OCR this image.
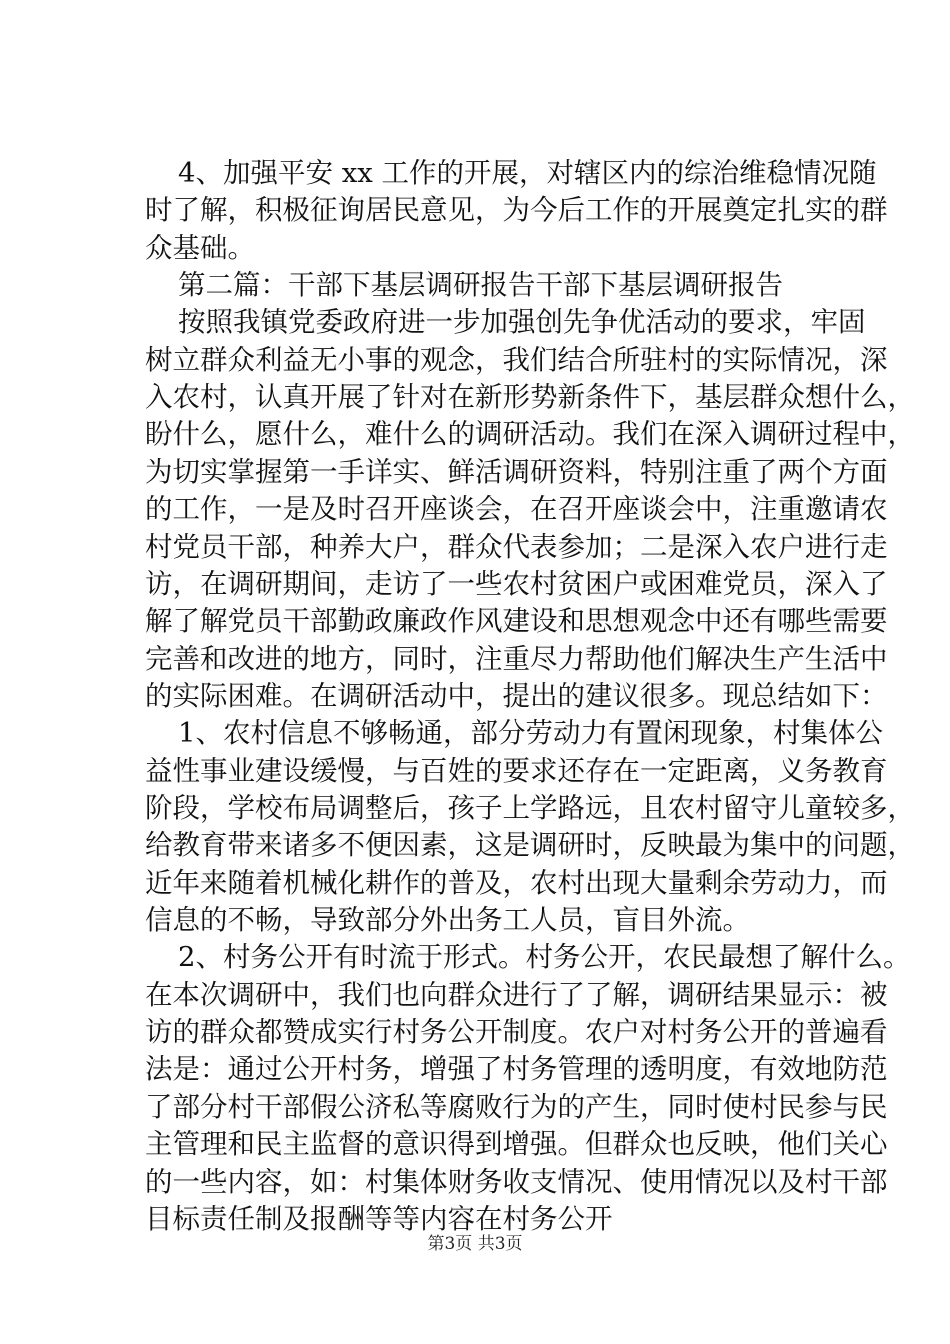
4、加强平安 xx 工作的开展，对辖区内的综治维稳情况随
时了解，积极征询居民意见，为今后工作的开展奠定扎实的群
众基础。
第二篇：干部下基层调研报告干部下基层调研报告
按照我镇党委政府进一步加强创先争优活动的要求，牢固
树立群众利益无小事的观念，我们结合所驻村的实际情况，深
入农村，认真开展了针对在新形势新条件下，基层群众想什么，
盼什么，愿什么，难什么的调研活动。我们在深入调研过程中，
为切实掌握第一手详实、鲜活调研资料，特别注重了两个方面
的工作，一是及时召开座谈会，在召开座谈会中，注重邀请农
村党员干部，种养大户，群众代表参加；二是深入农户进行走
访，在调研期间，走访了一些农村贫困户或困难党员，深入了
解了解党员干部勤政廉政作风建设和思想观念中还有哪些需要
完善和改进的地方，同时，注重尽力帮助他们解决生产生活中
的实际困难。在调研活动中，提出的建议很多。现总结如下：
1、农村信息不够畅通，部分劳动力有置闲现象，村集体公
益性事业建设缓慢，与百姓的要求还存在一定距离，义务教育
阶段，学校布局调整后，孩子上学路远，且农村留守儿童较多，
给教育带来诸多不便因素，这是调研时，反映最为集中的问题，
近年来随着机械化耕作的普及，农村出现大量剩余劳动力，而
信息的不畅，导致部分外出务工人员，盲目外流。
2、村务公开有时流于形式。村务公开，农民最想了解什么。
在本次调研中，我们也向群众进行了了解，调研结果显示：被
访的群众都赞成实行村务公开制度。农户对村务公开的普遍看
法是：通过公开村务，增强了村务管理的透明度，有效地防范
了部分村干部假公济私等腐败行为的产生，同时使村民参与民
主管理和民主监督的意识得到增强。但群众也反映，他们关心
的一些内容，如：村集体财务收支情况、使用情况以及村干部
目标责任制及报酬等等内容在村务公开
第3页 共3页
